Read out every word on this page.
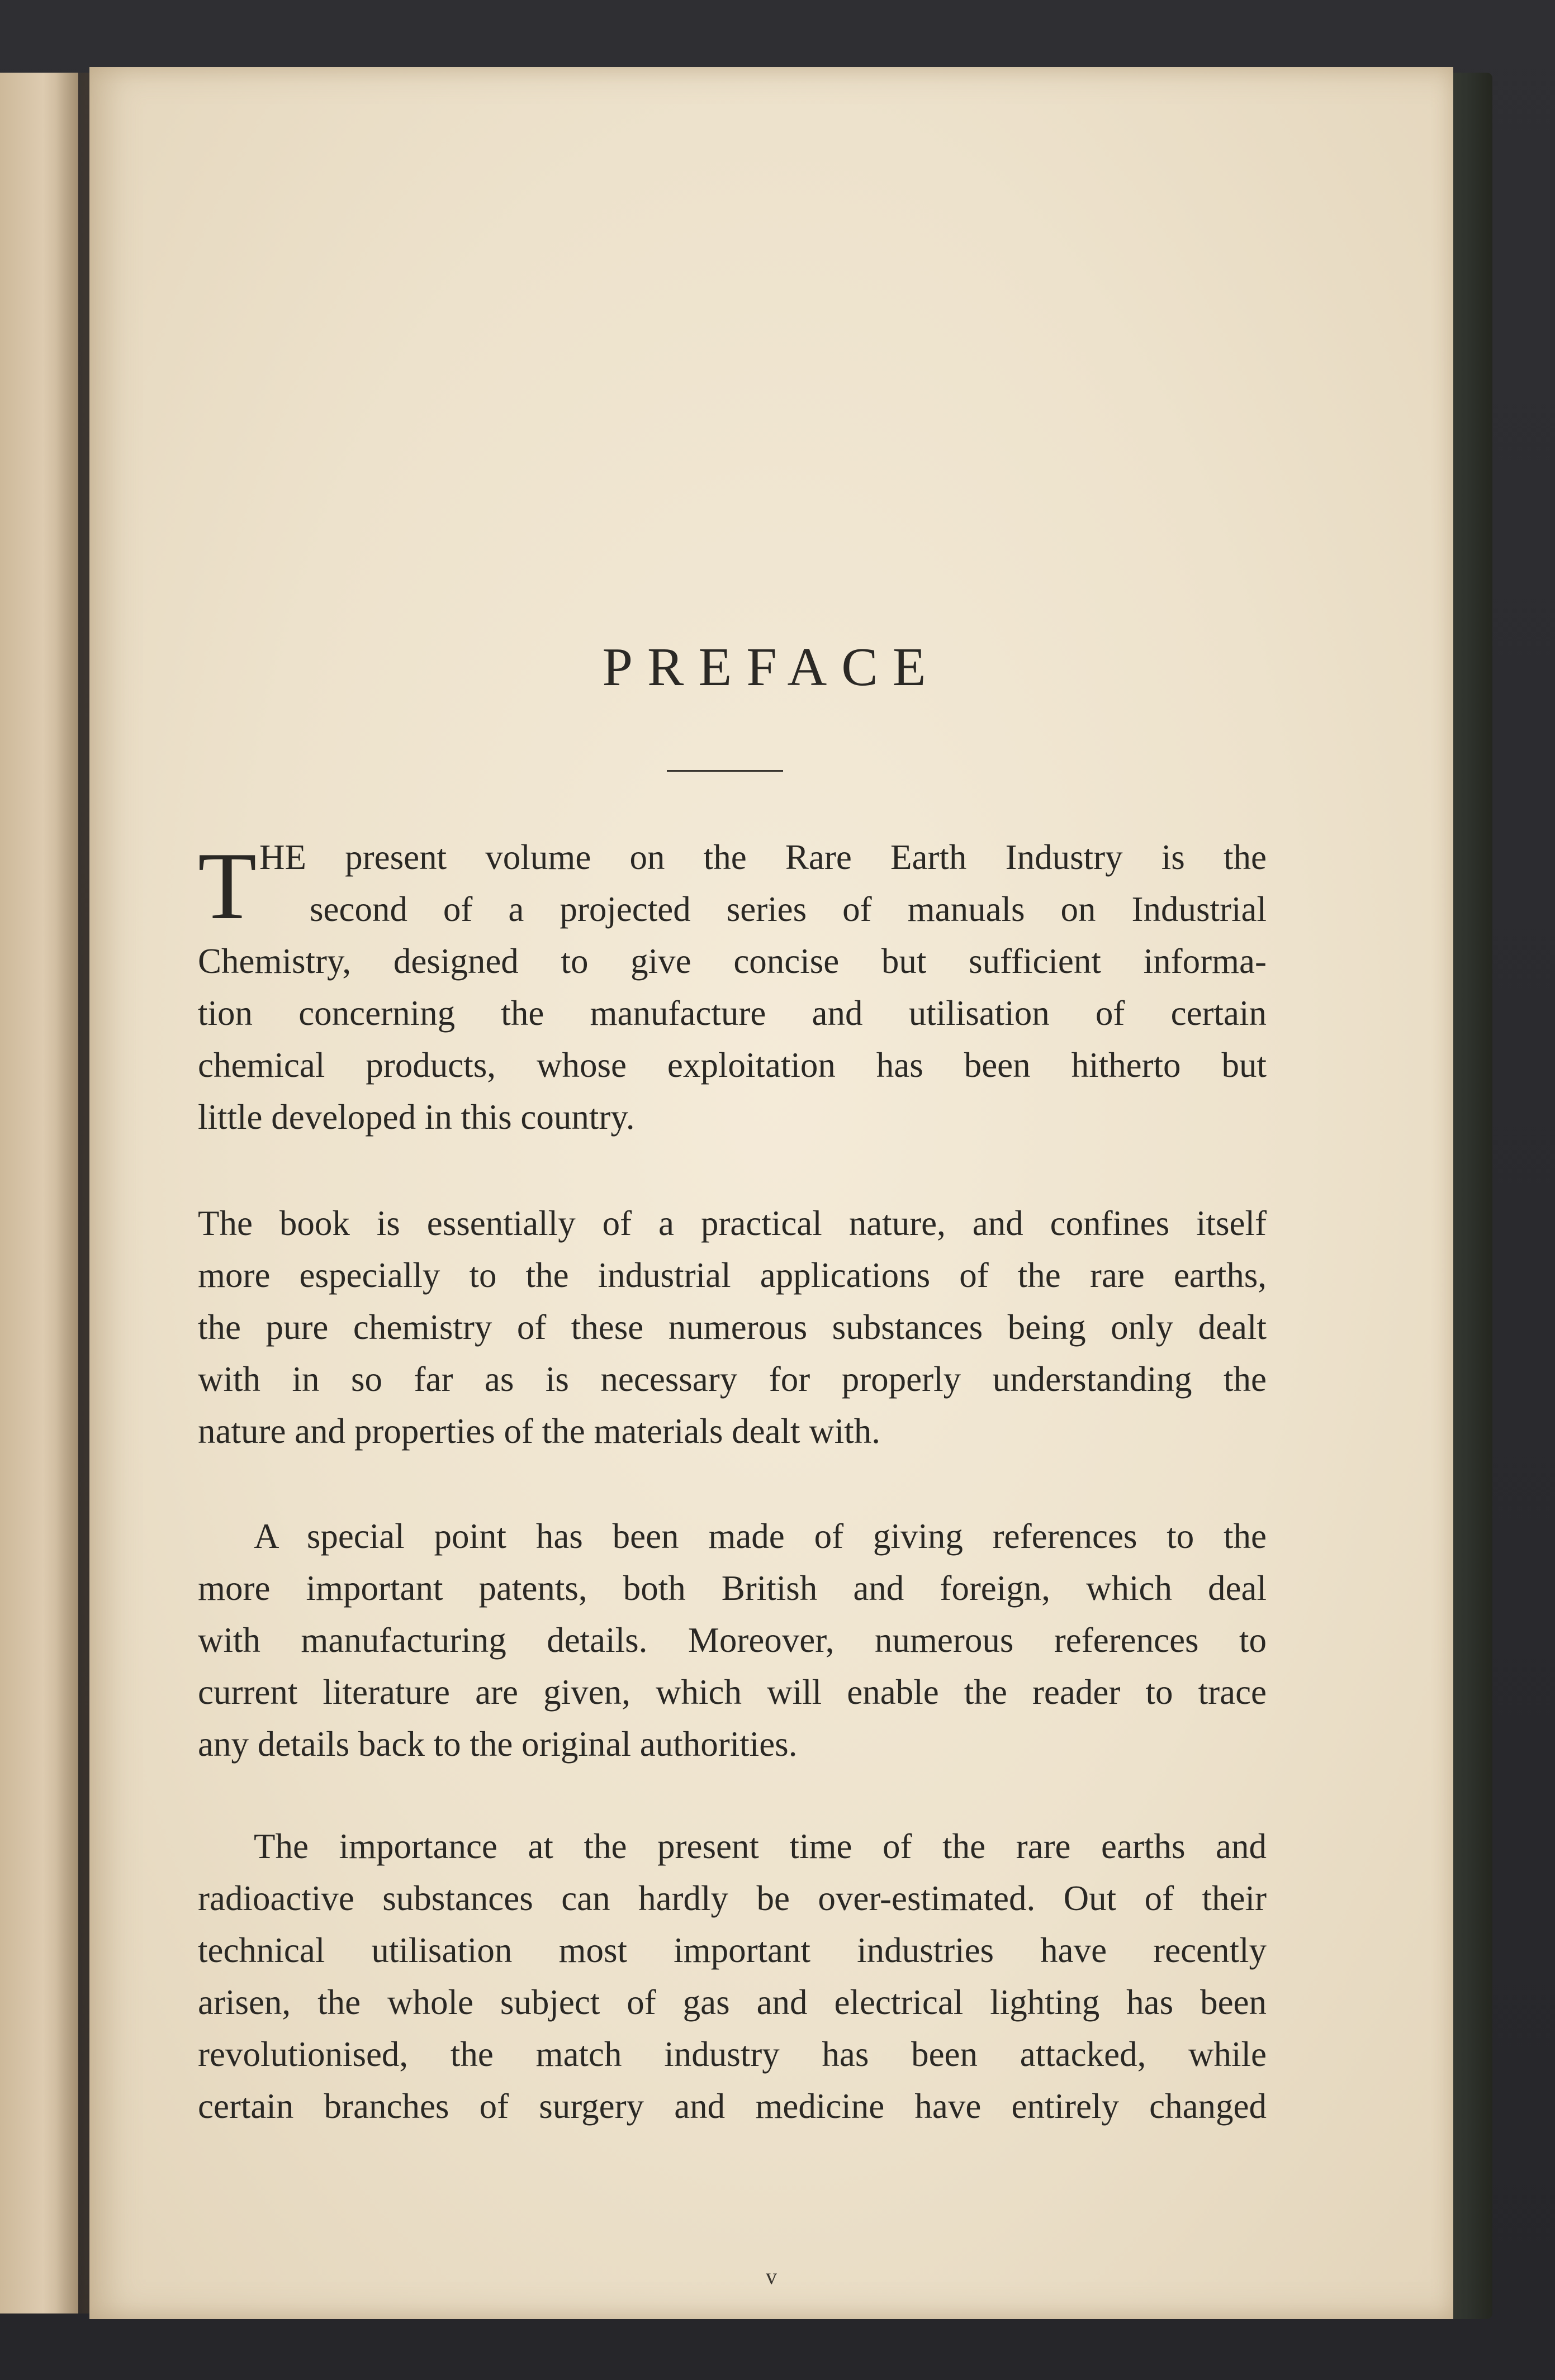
PREFACE
T HE present volume on the Rare Earth Industry is the
second of a projected series of manuals on Industrial
Chemistry, designed to give concise but sufficient informa-
tion concerning the manufacture and utilisation of certain
chemical products, whose exploitation has been hitherto but
little developed in this country.
The book is essentially of a practical nature, and confines itself
more especially to the industrial applications of the rare earths,
the pure chemistry of these numerous substances being only dealt
with in so far as is necessary for properly understanding the
nature and properties of the materials dealt with.
A special point has been made of giving references to the
more important patents, both British and foreign, which deal
with manufacturing details. Moreover, numerous references to
current literature are given, which will enable the reader to trace
any details back to the original authorities.
The importance at the present time of the rare earths and
radioactive substances can hardly be over-estimated. Out of their
technical utilisation most important industries have recently
arisen, the whole subject of gas and electrical lighting has been
revolutionised, the match industry has been attacked, while
certain branches of surgery and medicine have entirely changed
v
